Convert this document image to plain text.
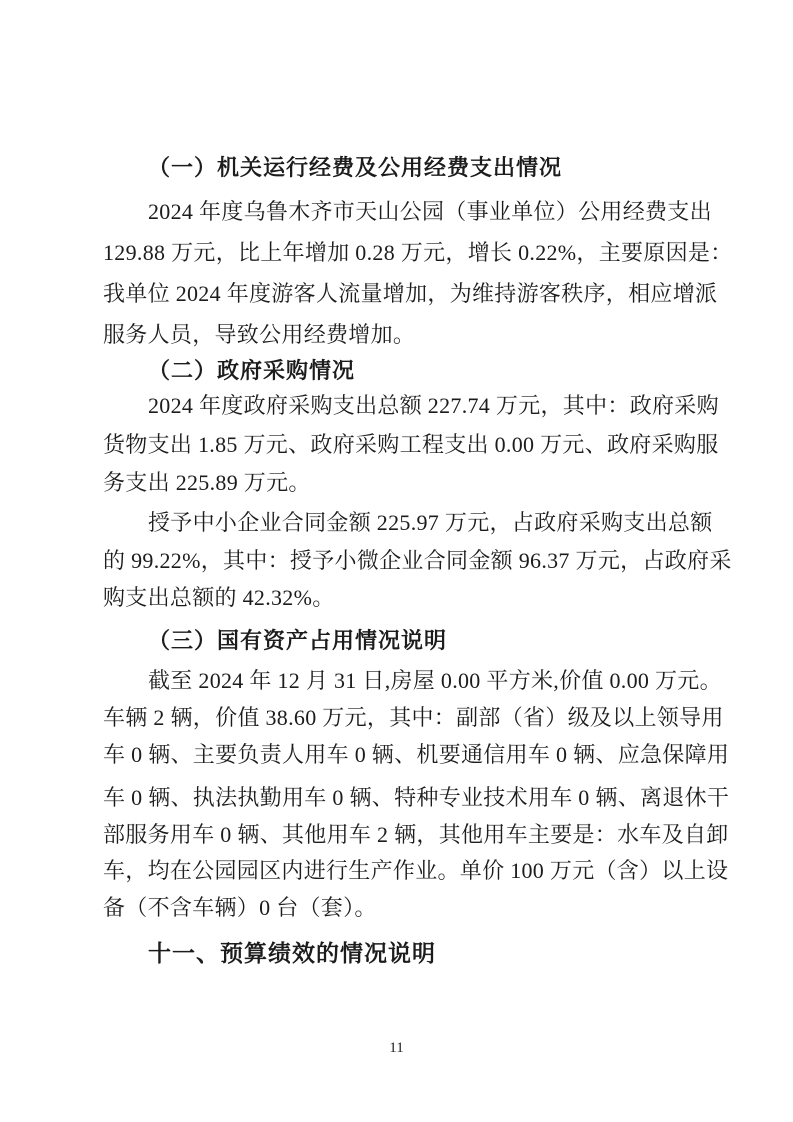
（一）机关运行经费及公用经费支出情况
2024 年度乌鲁木齐市天山公园（事业单位）公用经费支出
129.88 万元，比上年增加 0.28 万元，增长 0.22%，主要原因是：
我单位 2024 年度游客人流量增加，为维持游客秩序，相应增派
服务人员，导致公用经费增加。
（二）政府采购情况
2024 年度政府采购支出总额 227.74 万元，其中：政府采购
货物支出 1.85 万元、政府采购工程支出 0.00 万元、政府采购服
务支出 225.89 万元。
授予中小企业合同金额 225.97 万元，占政府采购支出总额
的 99.22%，其中：授予小微企业合同金额 96.37 万元，占政府采
购支出总额的 42.32%。
（三）国有资产占用情况说明
截至 2024 年 12 月 31 日,房屋 0.00 平方米,价值 0.00 万元。
车辆 2 辆，价值 38.60 万元，其中：副部（省）级及以上领导用
车 0 辆、主要负责人用车 0 辆、机要通信用车 0 辆、应急保障用
车 0 辆、执法执勤用车 0 辆、特种专业技术用车 0 辆、离退休干
部服务用车 0 辆、其他用车 2 辆，其他用车主要是：水车及自卸
车，均在公园园区内进行生产作业。单价 100 万元（含）以上设
备（不含车辆）0 台（套）。
十一、预算绩效的情况说明
11
